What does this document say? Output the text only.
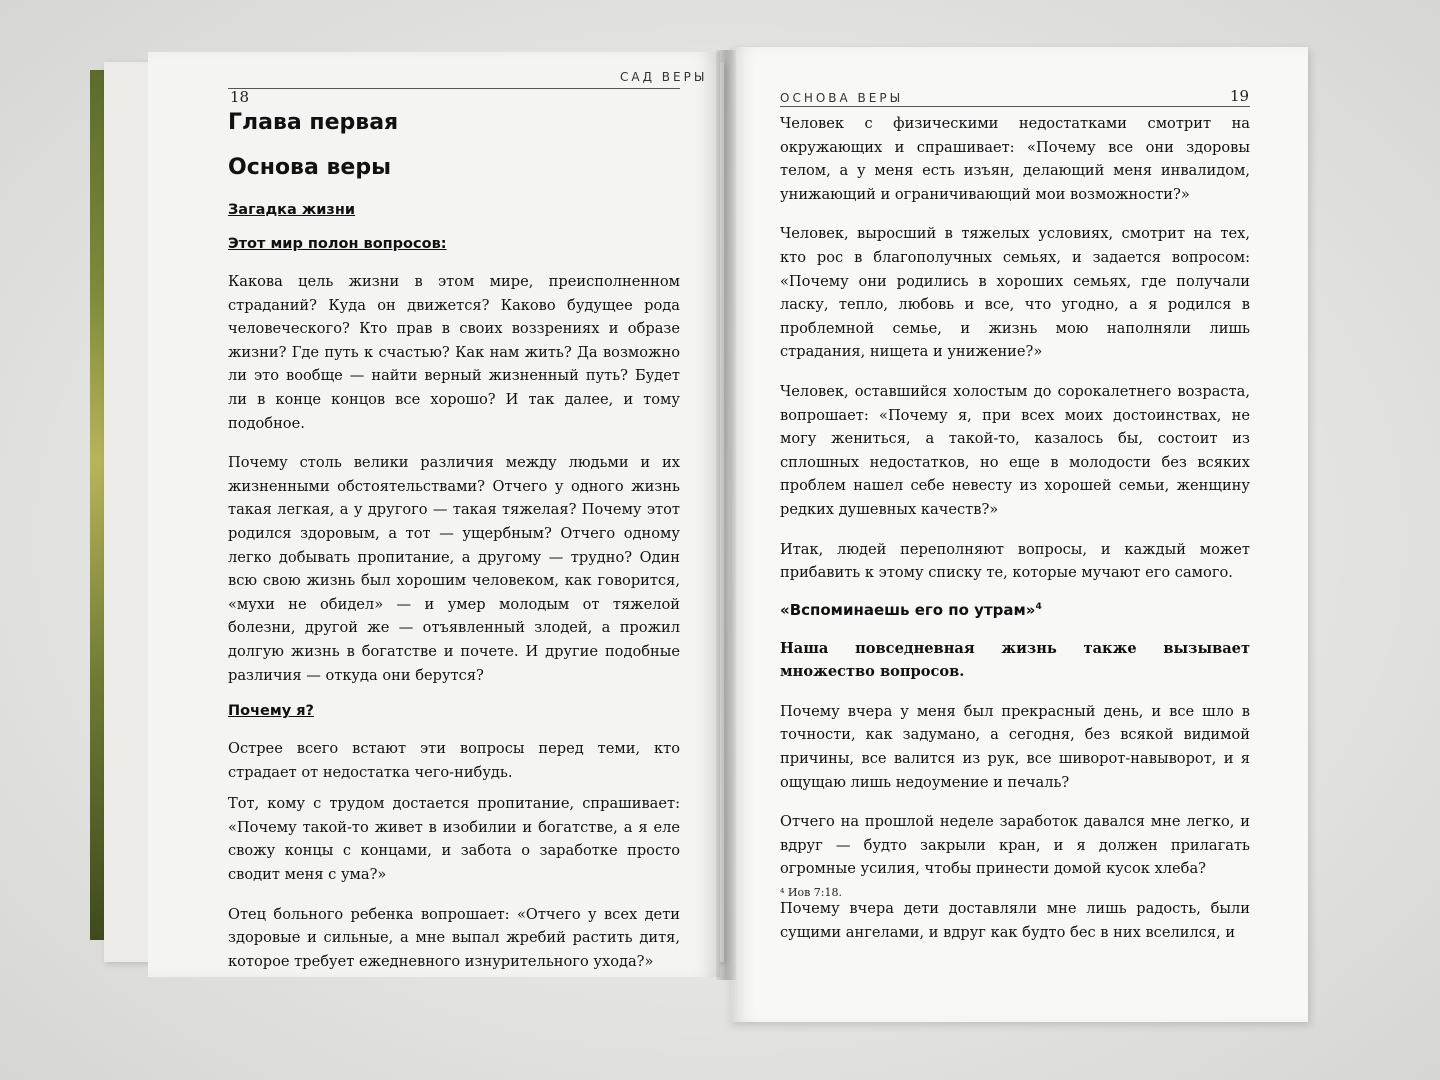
САД ВЕРЫ
18	ОСНОВА ВЕРЫ	19
Глава первая
Основа веры
Загадка жизни
Этот мир полон вопросов:

Какова цель жизни в этом мире, преисполненном страданий? Куда он движется? Каково будущее рода человеческого? Кто прав в своих воззрениях и образе жизни? Где путь к счастью? Как нам жить? Да возможно ли это вообще — найти верный жизненный путь? Будет ли в конце концов все хорошо? И так далее, и тому подобное.

Почему столь велики различия между людьми и их жизненными обстоятельствами? Отчего у одного жизнь такая легкая, а у другого — такая тяжелая? Почему этот родился здоровым, а тот — ущербным? Отчего одному легко добывать пропитание, а другому — трудно? Один всю свою жизнь был хорошим человеком, как говорится, «мухи не обидел» — и умер молодым от тяжелой болезни, другой же — отъявленный злодей, а прожил долгую жизнь в богатстве и почете. И другие подобные различия — откуда они берутся?

Почему я?

Острее всего встают эти вопросы перед теми, кто страдает от недостатка чего-нибудь.

Тот, кому с трудом достается пропитание, спрашивает: «Почему такой-то живет в изобилии и богатстве, а я еле свожу концы с концами, и забота о заработке просто сводит меня с ума?»

Отец больного ребенка вопрошает: «Отчего у всех дети здоровые и сильные, а мне выпал жребий растить дитя, которое требует ежедневного изнурительного ухода?»

Человек с физическими недостатками смотрит на окружающих и спрашивает: «Почему все они здоровы телом, а у меня есть изъян, делающий меня инвалидом, унижающий и ограничивающий мои возможности?»

Человек, выросший в тяжелых условиях, смотрит на тех, кто рос в благополучных семьях, и задается вопросом: «Почему они родились в хороших семьях, где получали ласку, тепло, любовь и все, что угодно, а я родился в проблемной семье, и жизнь мою наполняли лишь страдания, нищета и унижение?»

Человек, оставшийся холостым до сорокалетнего возраста, вопрошает: «Почему я, при всех моих достоинствах, не могу жениться, а такой-то, казалось бы, состоит из сплошных недостатков, но еще в молодости без всяких проблем нашел себе невесту из хорошей семьи, женщину редких душевных качеств?»

Итак, людей переполняют вопросы, и каждый может прибавить к этому списку те, которые мучают его самого.

«Вспоминаешь его по утрам»$^4$

Наша повседневная жизнь также вызывает множество вопросов.

Почему вчера у меня был прекрасный день, и все шло в точности, как задумано, а сегодня, без всякой видимой причины, все валится из рук, все шиворот-навыворот, и я ощущаю лишь недоумение и печаль?

Отчего на прошлой неделе заработок давался мне легко, и вдруг — будто закрыли кран, и я должен прилагать огромные усилия, чтобы принести домой кусок хлеба?

Почему вчера дети доставляли мне лишь радость, были сущими ангелами, и вдруг как будто бес в них вселился, и

⁴ Иов 7:18.
